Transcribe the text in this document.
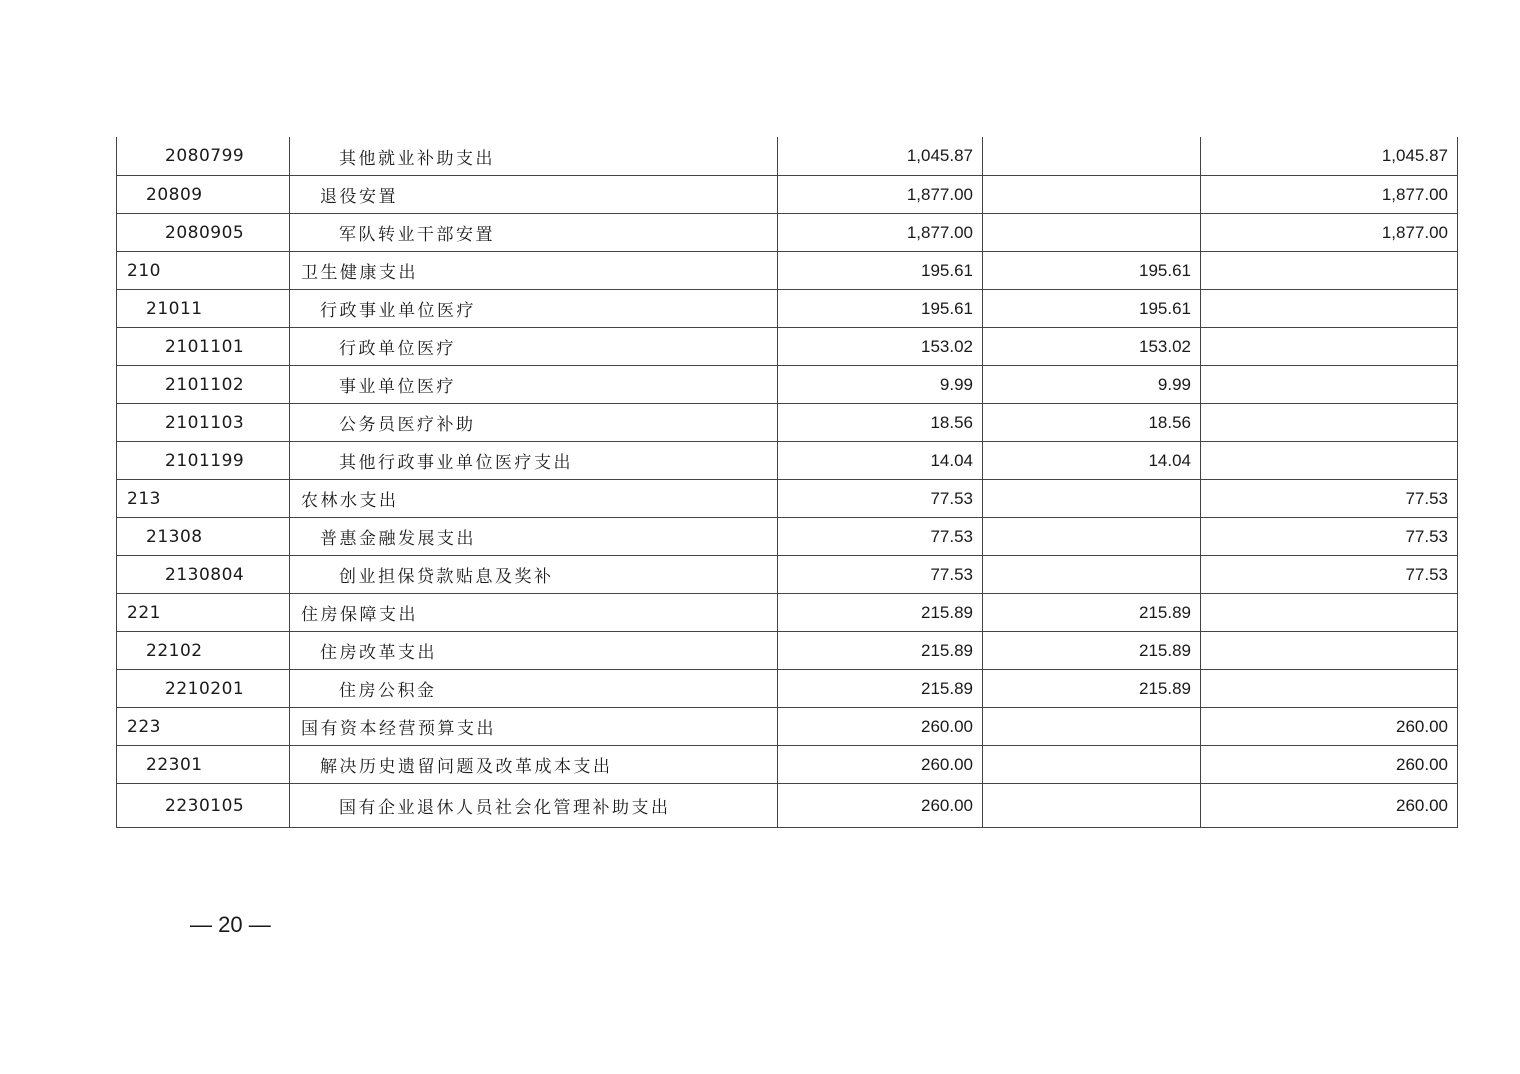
2080799	其他就业补助支出	1,045.87		1,045.87
20809	退役安置	1,877.00		1,877.00
2080905	军队转业干部安置	1,877.00		1,877.00
210	卫生健康支出	195.61	195.61	
21011	行政事业单位医疗	195.61	195.61	
2101101	行政单位医疗	153.02	153.02	
2101102	事业单位医疗	9.99	9.99	
2101103	公务员医疗补助	18.56	18.56	
2101199	其他行政事业单位医疗支出	14.04	14.04	
213	农林水支出	77.53		77.53
21308	普惠金融发展支出	77.53		77.53
2130804	创业担保贷款贴息及奖补	77.53		77.53
221	住房保障支出	215.89	215.89	
22102	住房改革支出	215.89	215.89	
2210201	住房公积金	215.89	215.89	
223	国有资本经营预算支出	260.00		260.00
22301	解决历史遗留问题及改革成本支出	260.00		260.00
2230105	国有企业退休人员社会化管理补助支出	260.00		260.00
— 20 —
